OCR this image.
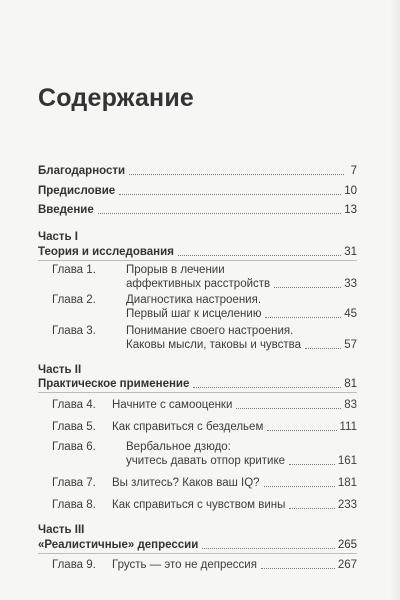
Содержание
Благодарности	7
Предисловие	10
Введение	13
Часть I
Теория и исследования	31
Глава 1.	Прорыв в лечении
аффективных расстройств	33
Глава 2.	Диагностика настроения.
Первый шаг к исцелению	45
Глава 3.	Понимание своего настроения.
Каковы мысли, таковы и чувства	57
Часть II
Практическое применение	81
Глава 4. Начните с самооценки	83
Глава 5. Как справиться с бездельем	111
Глава 6.	Вербальное дзюдо:
учитесь давать отпор критике	161
Глава 7. Вы злитесь? Каков ваш IQ?	181
Глава 8. Как справиться с чувством вины	233
Часть III
«Реалистичные» депрессии	265
Глава 9. Грусть — это не депрессия	267
